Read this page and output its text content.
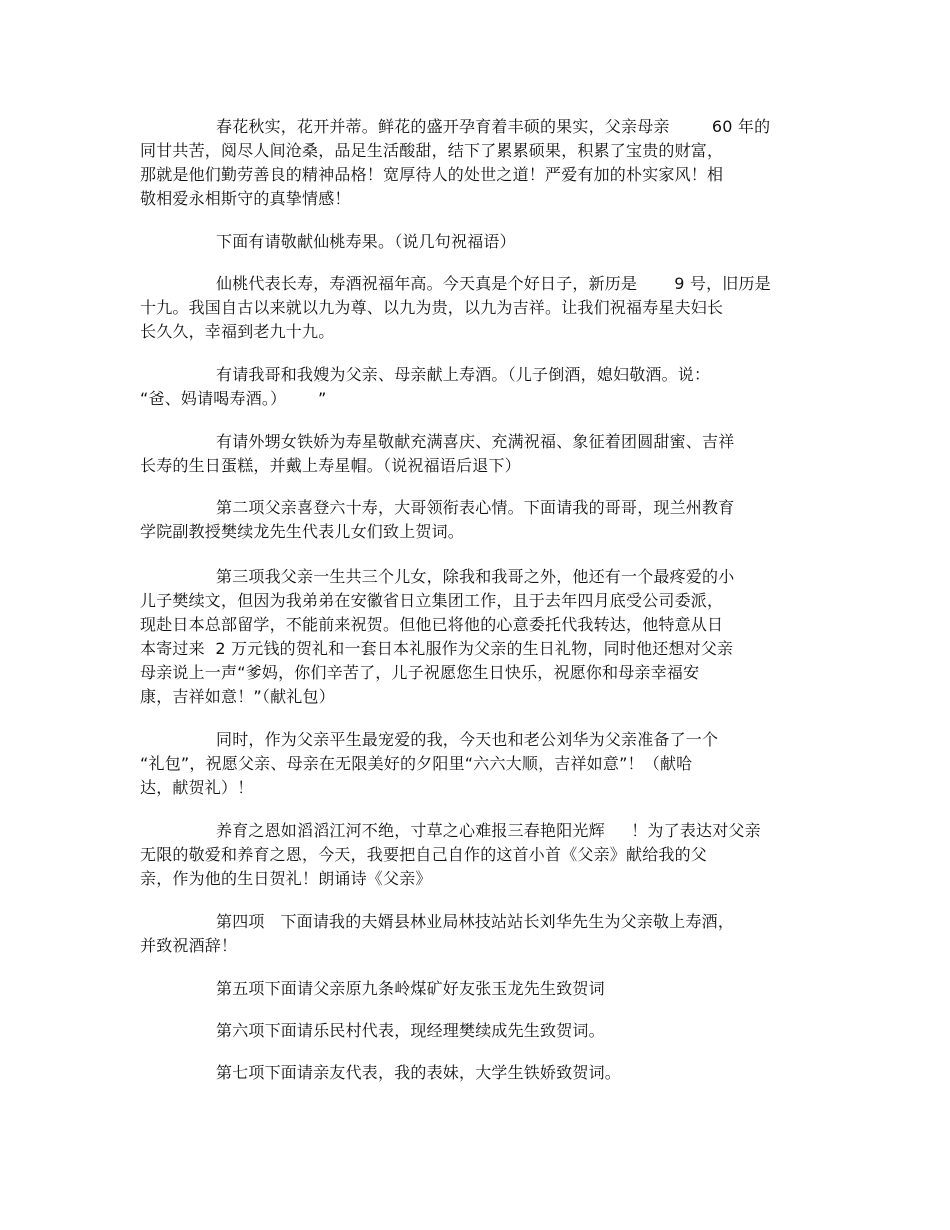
春花秋实，花开并蒂。鲜花的盛开孕育着丰硕的果实，父亲母亲        60 年的
同甘共苦，阅尽人间沧桑，品足生活酸甜，结下了累累硕果，积累了宝贵的财富，
那就是他们勤劳善良的精神品格！宽厚待人的处世之道！严爱有加的朴实家风！相
敬相爱永相斯守的真挚情感！
下面有请敬献仙桃寿果。（说几句祝福语）
仙桃代表长寿，寿酒祝福年高。今天真是个好日子，新历是       9 号，旧历是
十九。我国自古以来就以九为尊、以九为贵，以九为吉祥。让我们祝福寿星夫妇长
长久久，幸福到老九十九。
有请我哥和我嫂为父亲、母亲献上寿酒。（儿子倒酒，媳妇敬酒。说：
“爸、妈请喝寿酒。）      ”
有请外甥女铁娇为寿星敬献充满喜庆、充满祝福、象征着团圆甜蜜、吉祥
长寿的生日蛋糕，并戴上寿星帽。（说祝福语后退下）
第二项父亲喜登六十寿，大哥领衔表心情。下面请我的哥哥，现兰州教育
学院副教授樊续龙先生代表儿女们致上贺词。
第三项我父亲一生共三个儿女，除我和我哥之外，他还有一个最疼爱的小
儿子樊续文，但因为我弟弟在安徽省日立集团工作，且于去年四月底受公司委派，
现赴日本总部留学，不能前来祝贺。但他已将他的心意委托代我转达，他特意从日
本寄过来  2 万元钱的贺礼和一套日本礼服作为父亲的生日礼物，同时他还想对父亲
母亲说上一声“爹妈，你们辛苦了，儿子祝愿您生日快乐，祝愿你和母亲幸福安
康，吉祥如意！”（献礼包）
同时，作为父亲平生最宠爱的我，今天也和老公刘华为父亲准备了一个
“礼包”，祝愿父亲、母亲在无限美好的夕阳里“六六大顺，吉祥如意”！（献哈
达，献贺礼）！
养育之恩如滔滔江河不绝，寸草之心难报三春艳阳光辉     ！为了表达对父亲
无限的敬爱和养育之恩，今天，我要把自己自作的这首小首《父亲》献给我的父
亲，作为他的生日贺礼！朗诵诗《父亲》
第四项   下面请我的夫婿县林业局林技站站长刘华先生为父亲敬上寿酒，
并致祝酒辞！
第五项下面请父亲原九条岭煤矿好友张玉龙先生致贺词
第六项下面请乐民村代表，现经理樊续成先生致贺词。
第七项下面请亲友代表，我的表妹，大学生铁娇致贺词。
